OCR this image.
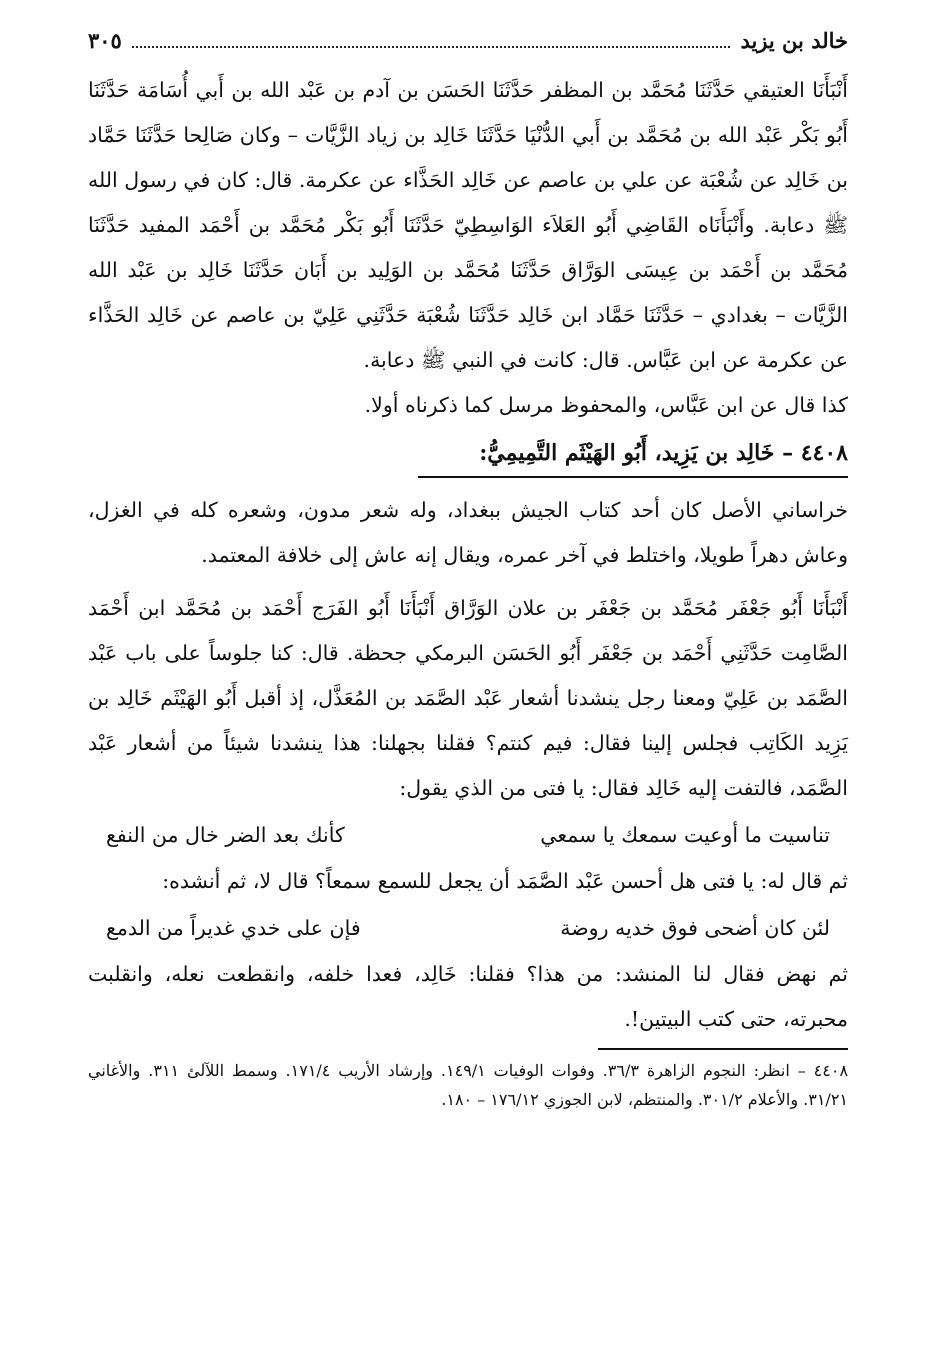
خالد بن يزيد
٣٠٥

أَنْبَأَنَا العتيقي حَدَّثَنَا مُحَمَّد بن المظفر حَدَّثَنَا الحَسَن بن آدم بن عَبْد الله بن أَبي أُسَامَة حَدَّثَنَا أَبُو بَكْر عَبْد الله بن مُحَمَّد بن أَبي الدُّنْيَا حَدَّثَنَا خَالِد بن زياد الزَّيَّات – وكان صَالِحا حَدَّثَنَا حَمَّاد بن خَالِد عن شُعْبَة عن علي بن عاصم عن خَالِد الحَذَّاء عن عكرمة. قال: كان في رسول الله ﷺ دعابة. وأَنْبَأَنَاه القَاضِي أَبُو العَلاَء الوَاسِطِيّ حَدَّثَنَا أَبُو بَكْر مُحَمَّد بن أَحْمَد المفيد حَدَّثَنَا مُحَمَّد بن أَحْمَد بن عِيسَى الوَرَّاق حَدَّثَنَا مُحَمَّد بن الوَلِيد بن أَبَان حَدَّثَنَا خَالِد بن عَبْد الله الزَّيَّات – بغدادي – حَدَّثَنَا حَمَّاد ابن خَالِد حَدَّثَنَا شُعْبَة حَدَّثَنِي عَلِيّ بن عاصم عن خَالِد الحَذَّاء عن عكرمة عن ابن عَبَّاس. قال: كانت في النبي ﷺ دعابة.

كذا قال عن ابن عَبَّاس، والمحفوظ مرسل كما ذكرناه أولا.

٤٤٠٨ – خَالِد بن يَزِيد، أَبُو الهَيْثَم التَّمِيمِيُّ:

خراساني الأصل كان أحد كتاب الجيش ببغداد، وله شعر مدون، وشعره كله في الغزل، وعاش دهراً طويلا، واختلط في آخر عمره، ويقال إنه عاش إلى خلافة المعتمد.

أَنْبَأَنَا أَبُو جَعْفَر مُحَمَّد بن جَعْفَر بن علان الوَرَّاق أَنْبَأَنَا أَبُو الفَرَج أَحْمَد بن مُحَمَّد ابن أَحْمَد الصَّامِت حَدَّثَنِي أَحْمَد بن جَعْفَر أَبُو الحَسَن البرمكي جحظة. قال: كنا جلوساً على باب عَبْد الصَّمَد بن عَلِيّ ومعنا رجل ينشدنا أشعار عَبْد الصَّمَد بن المُعَذَّل، إذ أقبل أَبُو الهَيْثَم خَالِد بن يَزِيد الكَاتِب فجلس إلينا فقال: فيم كنتم؟ فقلنا بجهلنا: هذا ينشدنا شيئاً من أشعار عَبْد الصَّمَد، فالتفت إليه خَالِد فقال: يا فتى من الذي يقول:

تناسيت ما أوعيت سمعك يا سمعي
كأنك بعد الضر خال من النفع

ثم قال له: يا فتى هل أحسن عَبْد الصَّمَد أن يجعل للسمع سمعاً؟ قال لا، ثم أنشده:

لئن كان أضحى فوق خديه روضة
فإن على خدي غديراً من الدمع

ثم نهض فقال لنا المنشد: من هذا؟ فقلنا: خَالِد، فعدا خلفه، وانقطعت نعله، وانقلبت محبرته، حتى كتب البيتين!.

٤٤٠٨ – انظر: النجوم الزاهرة ٣٦/٣. وفوات الوفيات ١٤٩/١. وإرشاد الأريب ١٧١/٤. وسمط اللآلئ ٣١١. والأغاني ٣١/٢١. والأعلام ٣٠١/٢. والمنتظم، لابن الجوزي ١٧٦/١٢ – ١٨٠.
